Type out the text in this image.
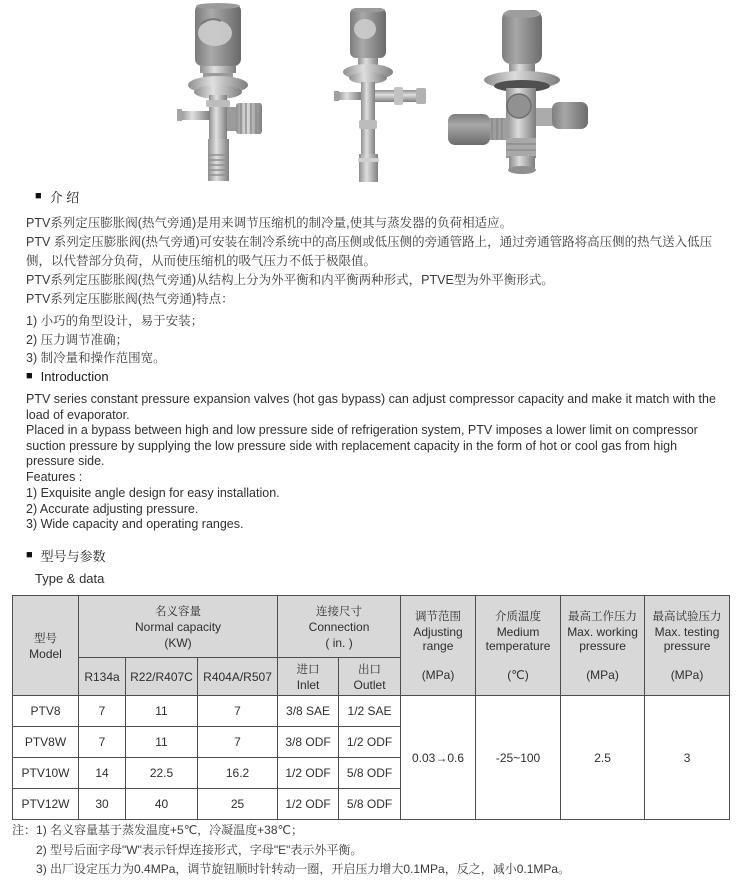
■ 介 绍

PTV系列定压膨胀阀(热气旁通)是用来调节压缩机的制冷量,使其与蒸发器的负荷相适应。

PTV 系列定压膨胀阀(热气旁通)可安装在制冷系统中的高压侧或低压侧的旁通管路上，通过旁通管路将高压侧的热气送入低压侧，以代替部分负荷，从而使压缩机的吸气压力不低于极限值。

PTV系列定压膨胀阀(热气旁通)从结构上分为外平衡和内平衡两种形式，PTVE型为外平衡形式。

PTV系列定压膨胀阀(热气旁通)特点：

1) 小巧的角型设计，易于安装；

2) 压力调节准确；

3) 制冷量和操作范围宽。

■ Introduction

PTV series constant pressure expansion valves (hot gas bypass) can adjust compressor capacity and make it match with the load of evaporator.

Placed in a bypass between high and low pressure side of refrigeration system, PTV imposes a lower limit on compressor suction pressure by supplying the low pressure side with replacement capacity in the form of hot or cool gas from high pressure side.

Features :

1) Exquisite angle design for easy installation.

2) Accurate adjusting pressure.

3) Wide capacity and operating ranges.

■ 型号与参数
Type & data
型号
Model	名义容量
Normal capacity
(KW)			连接尺寸
Connection
( in. )		调节范围
Adjusting range
(MPa)	介质温度
Medium temperature
(℃)	最高工作压力
Max. working pressure
(MPa)	最高试验压力
Max. testing pressure
(MPa)

	R134a	R22/R407C	R404A/R507	进口
Inlet	出口
Outlet				

PTV8	7	11	7	3/8 SAE	1/2 SAE	0.03→0.6	-25~100	2.5	3
PTV8W	7	11	7	3/8 ODF	1/2 ODF				
PTV10W	14	22.5	16.2	1/2 ODF	5/8 ODF				
PTV12W	30	40	25	1/2 ODF	5/8 ODF				
注： 1) 名义容量基于蒸发温度+5℃，冷凝温度+38℃；

2) 型号后面字母"W"表示钎焊连接形式，字母"E"表示外平衡。

3) 出厂设定压力为0.4MPa，调节旋钮顺时针转动一圈，开启压力增大0.1MPa，反之，减小0.1MPa。
